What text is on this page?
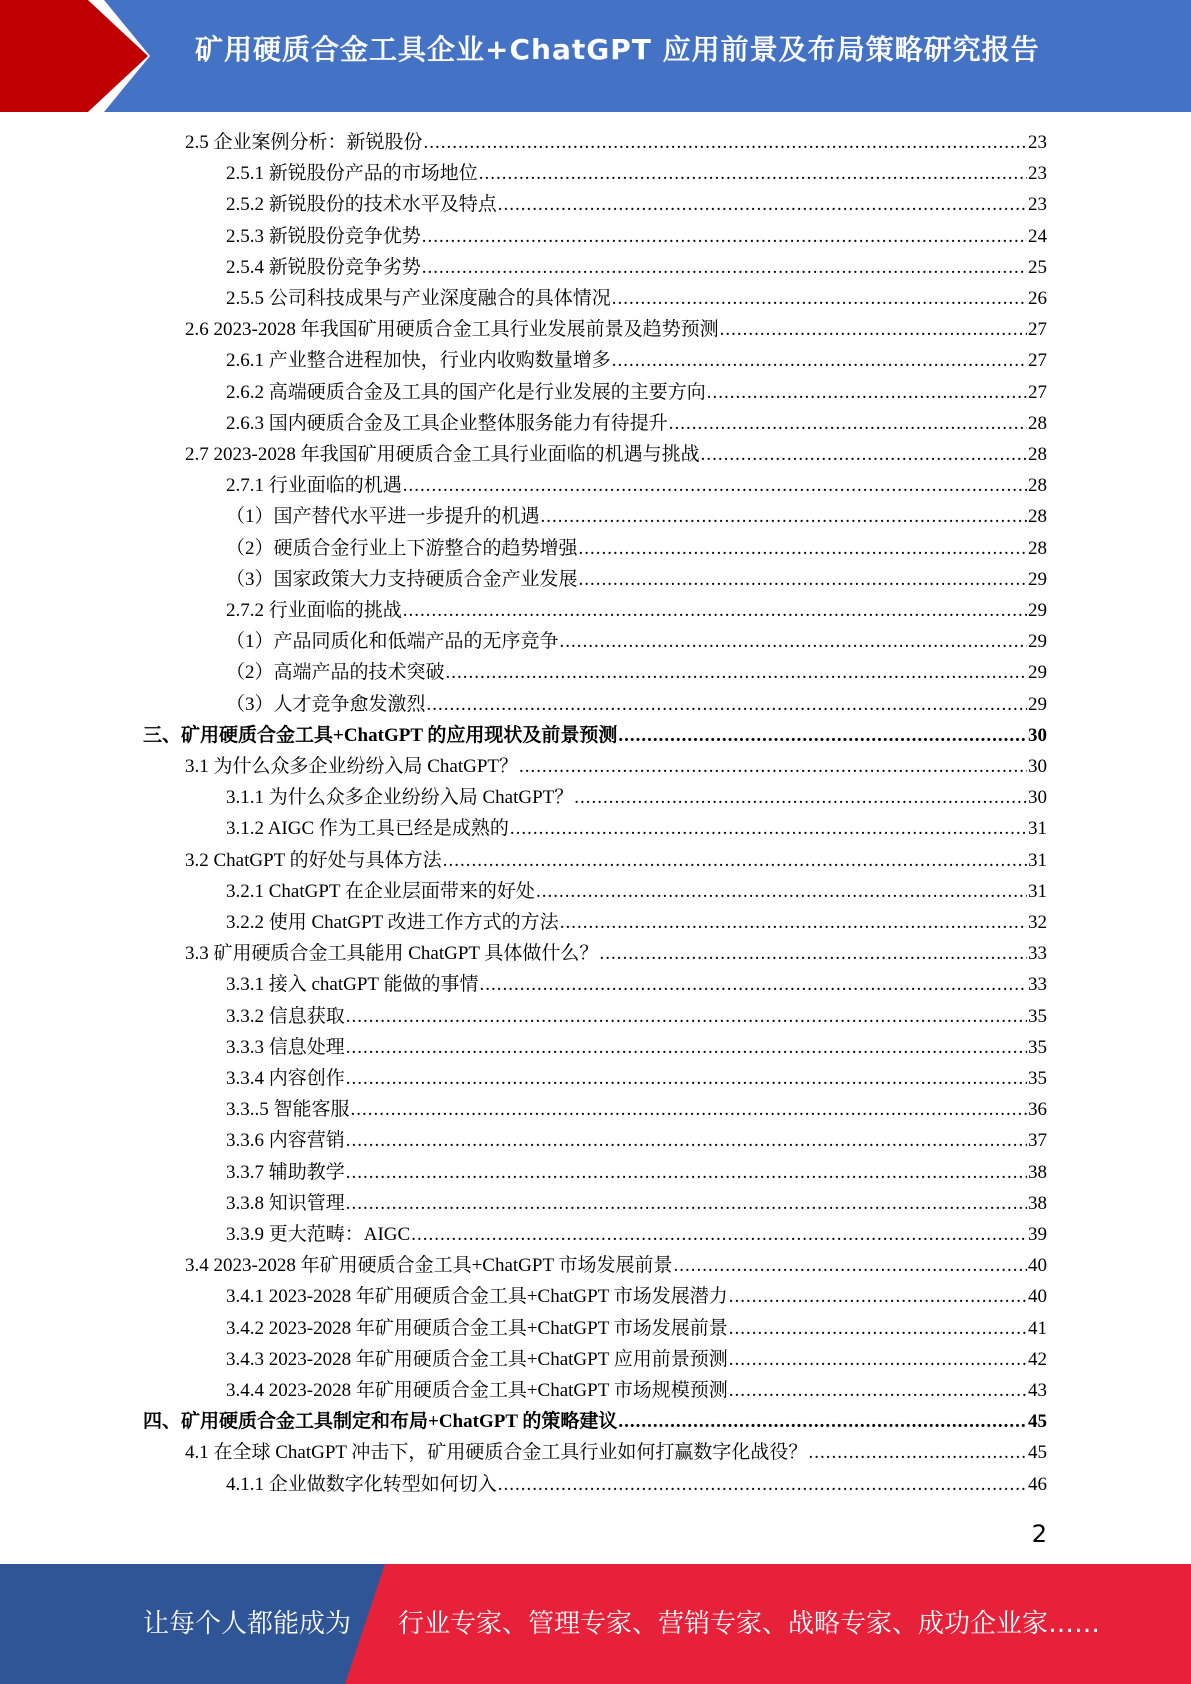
矿用硬质合金工具企业+ChatGPT 应用前景及布局策略研究报告
2.5 企业案例分析：新锐股份 .....	23
2.5.1 新锐股份产品的市场地位 .....	23
2.5.2 新锐股份的技术水平及特点 .....	23
2.5.3 新锐股份竞争优势 .....	24
2.5.4 新锐股份竞争劣势 .....	25
2.5.5 公司科技成果与产业深度融合的具体情况 .....	26
2.6 2023-2028 年我国矿用硬质合金工具行业发展前景及趋势预测 .....	27
2.6.1 产业整合进程加快，行业内收购数量增多 .....	27
2.6.2 高端硬质合金及工具的国产化是行业发展的主要方向 .....	27
2.6.3 国内硬质合金及工具企业整体服务能力有待提升 .....	28
2.7 2023-2028 年我国矿用硬质合金工具行业面临的机遇与挑战 .....	28
2.7.1 行业面临的机遇 .....	28
（1）国产替代水平进一步提升的机遇 .....	28
（2）硬质合金行业上下游整合的趋势增强 .....	28
（3）国家政策大力支持硬质合金产业发展 .....	29
2.7.2 行业面临的挑战 .....	29
（1）产品同质化和低端产品的无序竞争 .....	29
（2）高端产品的技术突破 .....	29
（3）人才竞争愈发激烈 .....	29
三、矿用硬质合金工具+ChatGPT 的应用现状及前景预测 .....	30
3.1 为什么众多企业纷纷入局 ChatGPT？ .....	30
3.1.1 为什么众多企业纷纷入局 ChatGPT？ .....	30
3.1.2 AIGC 作为工具已经是成熟的 .....	31
3.2 ChatGPT 的好处与具体方法 .....	31
3.2.1 ChatGPT 在企业层面带来的好处 .....	31
3.2.2 使用 ChatGPT 改进工作方式的方法 .....	32
3.3 矿用硬质合金工具能用 ChatGPT 具体做什么？ .....	33
3.3.1 接入 chatGPT 能做的事情 .....	33
3.3.2 信息获取 .....	35
3.3.3 信息处理 .....	35
3.3.4 内容创作 .....	35
3.3..5 智能客服 .....	36
3.3.6 内容营销 .....	37
3.3.7 辅助教学 .....	38
3.3.8 知识管理 .....	38
3.3.9 更大范畴：AIGC .....	39
3.4 2023-2028 年矿用硬质合金工具+ChatGPT 市场发展前景 .....	40
3.4.1 2023-2028 年矿用硬质合金工具+ChatGPT 市场发展潜力 .....	40
3.4.2 2023-2028 年矿用硬质合金工具+ChatGPT 市场发展前景 .....	41
3.4.3 2023-2028 年矿用硬质合金工具+ChatGPT 应用前景预测 .....	42
3.4.4 2023-2028 年矿用硬质合金工具+ChatGPT 市场规模预测 .....	43
四、矿用硬质合金工具制定和布局+ChatGPT 的策略建议 .....	45
4.1 在全球 ChatGPT 冲击下，矿用硬质合金工具行业如何打赢数字化战役？ .....	45
4.1.1 企业做数字化转型如何切入 .....	46
2
让每个人都能成为 行业专家、管理专家、营销专家、战略专家、成功企业家……
